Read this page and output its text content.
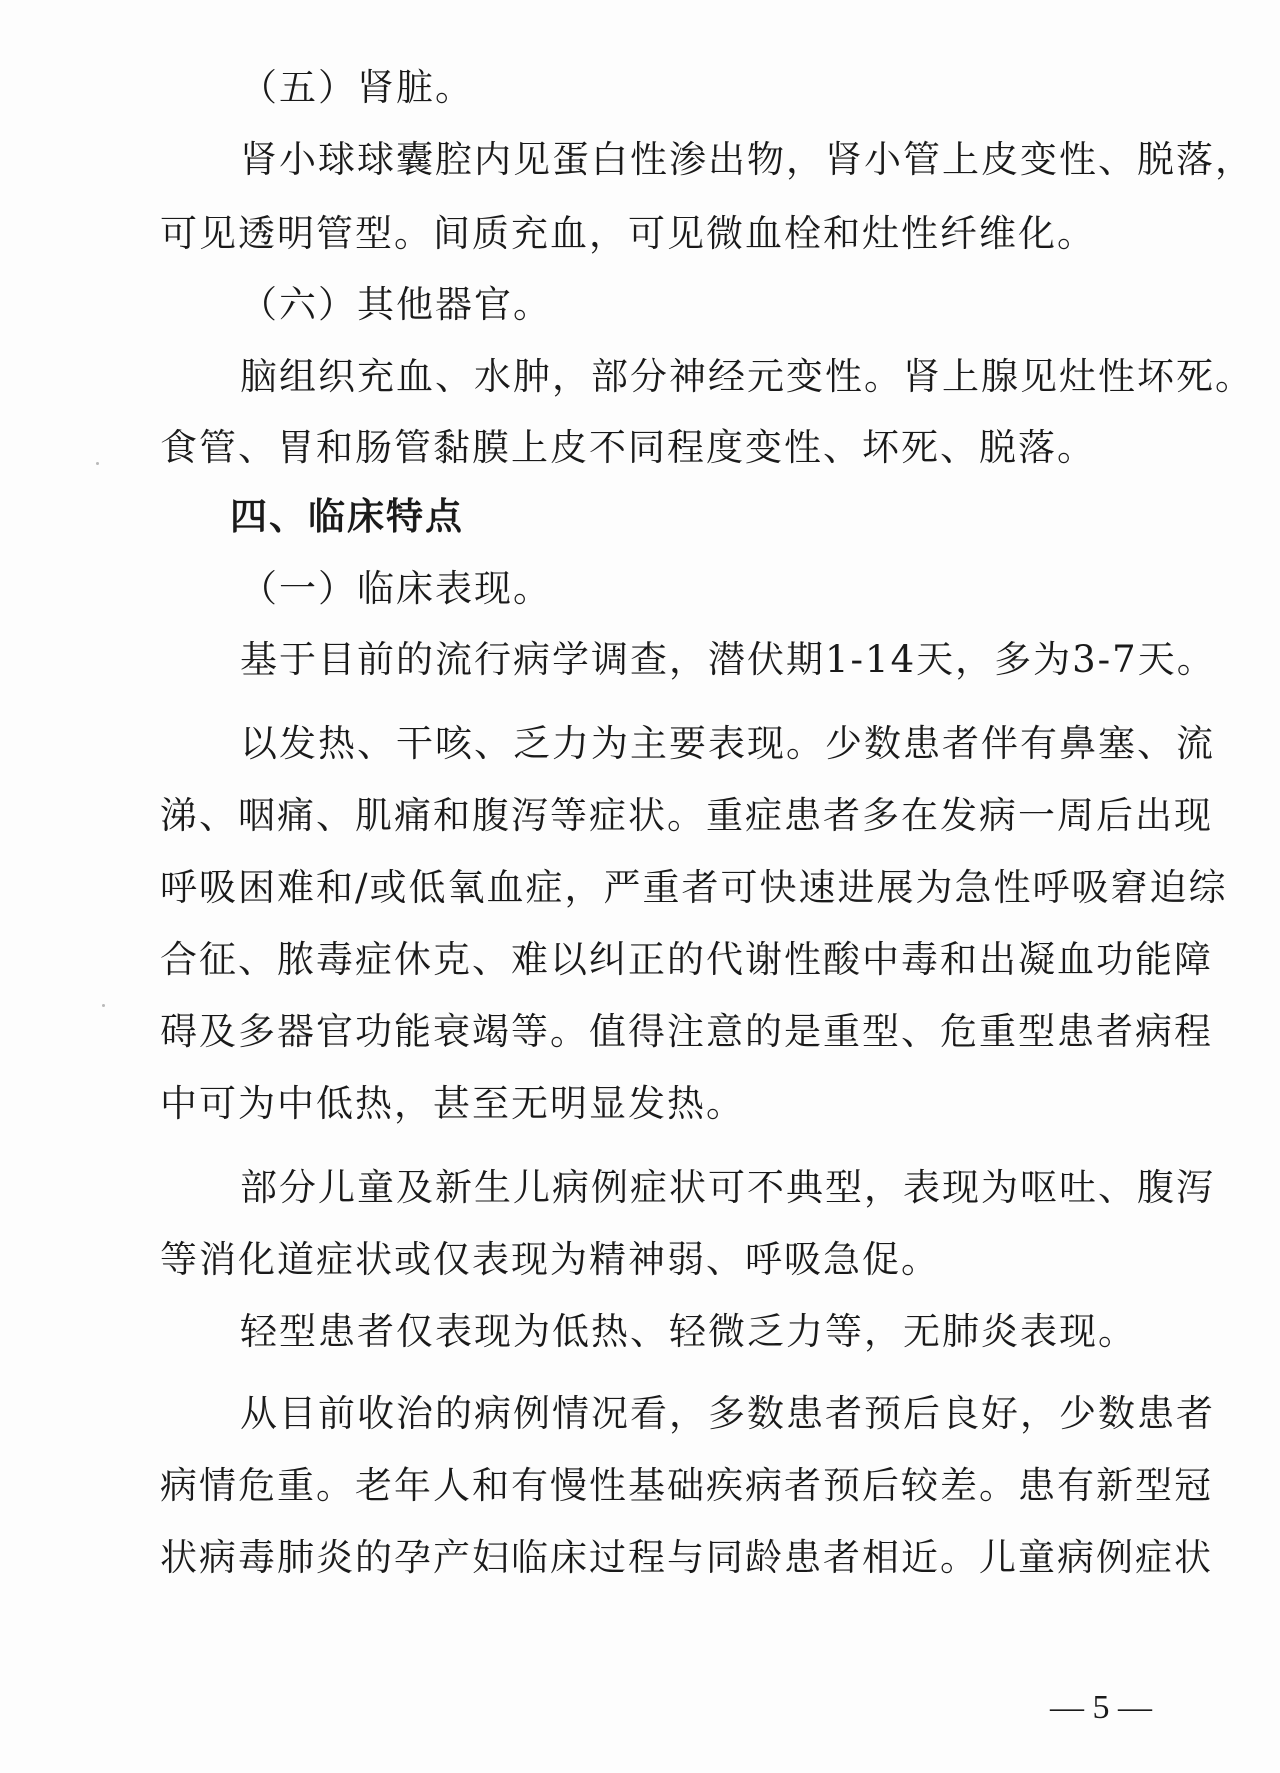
（五）肾脏。
肾小球球囊腔内见蛋白性渗出物，肾小管上皮变性、脱落，
可见透明管型。间质充血，可见微血栓和灶性纤维化。
（六）其他器官。
脑组织充血、水肿，部分神经元变性。肾上腺见灶性坏死。
食管、胃和肠管黏膜上皮不同程度变性、坏死、脱落。
四、临床特点
（一）临床表现。
基于目前的流行病学调查，潜伏期1-14天，多为3-7天。
以发热、干咳、乏力为主要表现。少数患者伴有鼻塞、流
涕、咽痛、肌痛和腹泻等症状。重症患者多在发病一周后出现
呼吸困难和/或低氧血症，严重者可快速进展为急性呼吸窘迫综
合征、脓毒症休克、难以纠正的代谢性酸中毒和出凝血功能障
碍及多器官功能衰竭等。值得注意的是重型、危重型患者病程
中可为中低热，甚至无明显发热。
部分儿童及新生儿病例症状可不典型，表现为呕吐、腹泻
等消化道症状或仅表现为精神弱、呼吸急促。
轻型患者仅表现为低热、轻微乏力等，无肺炎表现。
从目前收治的病例情况看，多数患者预后良好，少数患者
病情危重。老年人和有慢性基础疾病者预后较差。患有新型冠
状病毒肺炎的孕产妇临床过程与同龄患者相近。儿童病例症状
— 5 —
